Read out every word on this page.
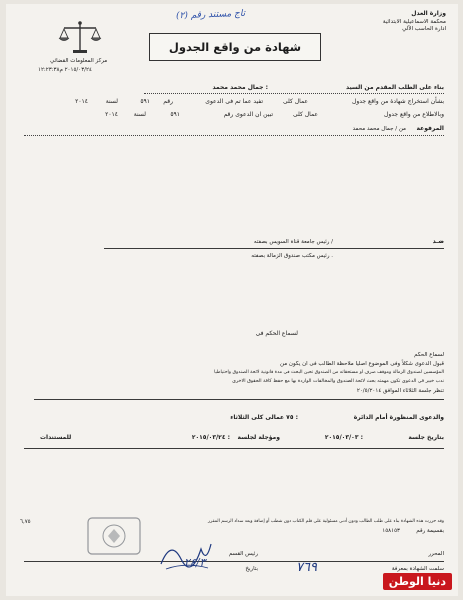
وزارة العدل
محكمة الاسماعيلية الابتدائية
ادارة الحاسب الآلي
مركز المعلومات القضائي
٢٠١٥/٠٣/٢٤ م١٢:٢٣:٣٨
تاج مستند رقم (٢)
شهادة من واقع الجدول
بناء على الطلب المقدم من السيد
: جمال محمد محمد
بشأن استخراج شهادة من واقع جدول
عمال كلى
تفيد عما تم فى الدعوى
رقم
٥٩١
لسنة
٢٠١٤
وبالاطلاع من واقع جدول
عمال كلى
تبين ان الدعوى رقم
٥٩١
لسنة
٢٠١٤
المرفوعة
من / جمال محمد محمد
ضـد
/ رئيس جامعة قناة السويس بصفته
. رئيس مكتب صندوق الزمالة بصفته
لسماع الحكم فى
لسماع الحكم
قبول الدعوى شكلاً وفى الموضوع اصليا ملاحظة الطالب فى ان يكون من
المؤسسين لصندوق الزمالة وموقف صرف او مستحقاته من الصندوق تحين البحث فى مدة قانونية لائحة الصندوق واحتياطيا
ندب خبير فى الدعوى تكون مهمته بحث لائحة الصندوق والمخالفات الواردة بها مع حفظ كافة الحقوق الاخرى
تنظر جلسة الثلاثاء الموافق ٢٠/٥/٢٠١٤
والدعوى المنظورة أمام الدائرة
: ٧٥ عمالى كلى الثلاثاء
بتاريخ جلسة
: ٢٠١٥/٠٣/٠٣
ومؤجلة لجلسة
: ٢٠١٥/٠٣/٢٤
للمستندات
وقد حررت هذه الشهادة بناء على طلب الطالب ودون أدنى مسئولية على قلم الكتاب دون شطب أو إضافة وبعد سداد الرسم المقرر
٦,٧٥
بقسيمة رقم
١٥٨١٥٣
المحرر
رئيس القسم
سلمت الشهادة بمعرفة
بتاريخ	٧٦٩
٢٤/٣
دنيا الوطن
